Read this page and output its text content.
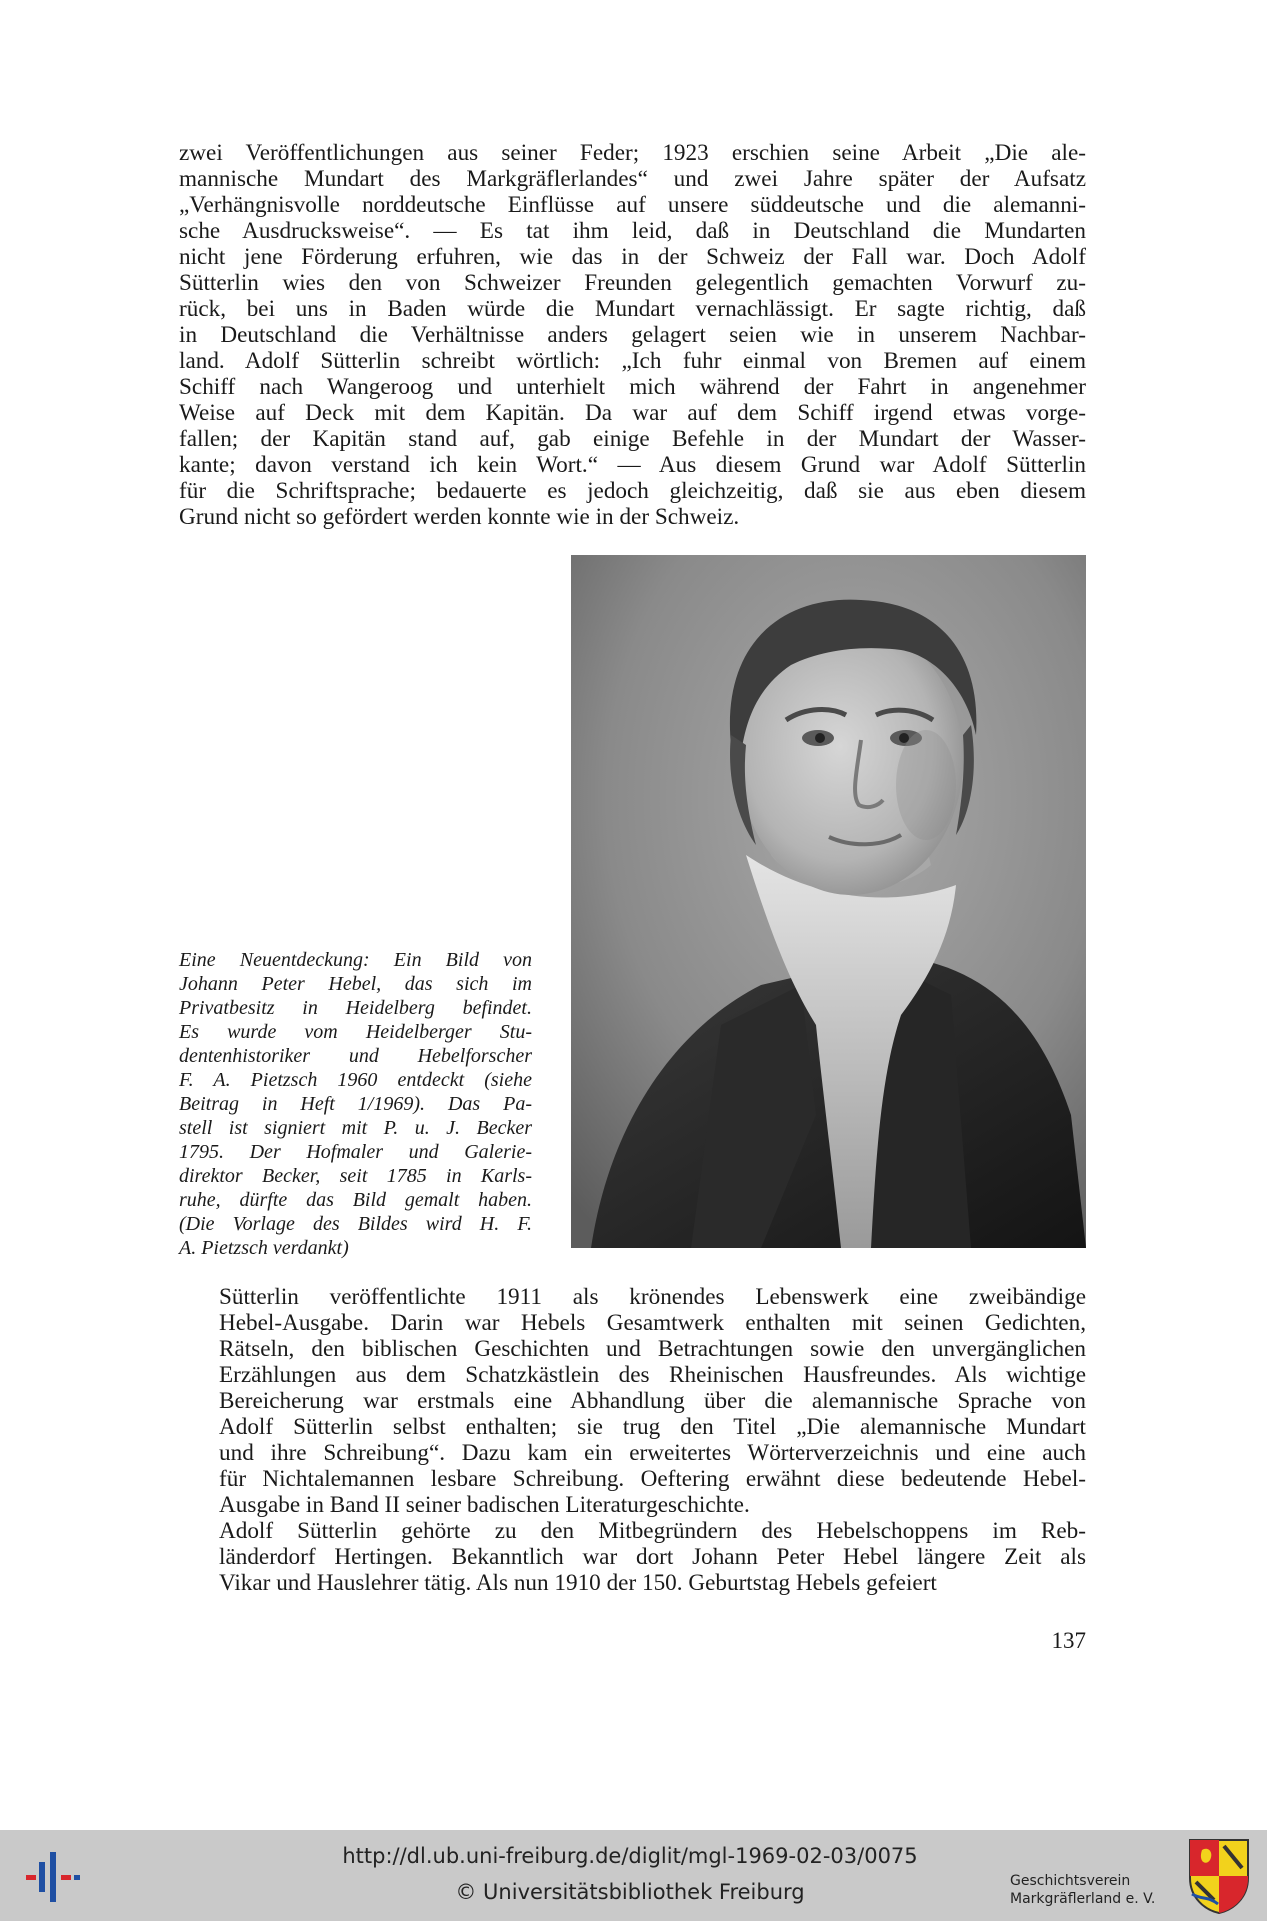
zwei Veröffentlichungen aus seiner Feder; 1923 erschien seine Arbeit „Die ale-
mannische Mundart des Markgräflerlandes“ und zwei Jahre später der Aufsatz
„Verhängnisvolle norddeutsche Einflüsse auf unsere süddeutsche und die alemanni-
sche Ausdrucksweise“. — Es tat ihm leid, daß in Deutschland die Mundarten
nicht jene Förderung erfuhren, wie das in der Schweiz der Fall war. Doch Adolf
Sütterlin wies den von Schweizer Freunden gelegentlich gemachten Vorwurf zu-
rück, bei uns in Baden würde die Mundart vernachlässigt. Er sagte richtig, daß
in Deutschland die Verhältnisse anders gelagert seien wie in unserem Nachbar-
land. Adolf Sütterlin schreibt wörtlich: „Ich fuhr einmal von Bremen auf einem
Schiff nach Wangeroog und unterhielt mich während der Fahrt in angenehmer
Weise auf Deck mit dem Kapitän. Da war auf dem Schiff irgend etwas vorge-
fallen; der Kapitän stand auf, gab einige Befehle in der Mundart der Wasser-
kante; davon verstand ich kein Wort.“ — Aus diesem Grund war Adolf Sütterlin
für die Schriftsprache; bedauerte es jedoch gleichzeitig, daß sie aus eben diesem
Grund nicht so gefördert werden konnte wie in der Schweiz.
Eine Neuentdeckung: Ein Bild von
Johann Peter Hebel, das sich im
Privatbesitz in Heidelberg befindet.
Es wurde vom Heidelberger Stu-
dentenhistoriker und Hebelforscher
F. A. Pietzsch 1960 entdeckt (siehe
Beitrag in Heft 1/1969). Das Pa-
stell ist signiert mit P. u. J. Becker
1795. Der Hofmaler und Galerie-
direktor Becker, seit 1785 in Karls-
ruhe, dürfte das Bild gemalt haben.
(Die Vorlage des Bildes wird H. F.
A. Pietzsch verdankt)
Sütterlin veröffentlichte 1911 als krönendes Lebenswerk eine zweibändige
Hebel-Ausgabe. Darin war Hebels Gesamtwerk enthalten mit seinen Gedichten,
Rätseln, den biblischen Geschichten und Betrachtungen sowie den unvergänglichen
Erzählungen aus dem Schatzkästlein des Rheinischen Hausfreundes. Als wichtige
Bereicherung war erstmals eine Abhandlung über die alemannische Sprache von
Adolf Sütterlin selbst enthalten; sie trug den Titel „Die alemannische Mundart
und ihre Schreibung“. Dazu kam ein erweitertes Wörterverzeichnis und eine auch
für Nichtalemannen lesbare Schreibung. Oeftering erwähnt diese bedeutende Hebel-
Ausgabe in Band II seiner badischen Literaturgeschichte.
Adolf Sütterlin gehörte zu den Mitbegründern des Hebelschoppens im Reb-
länderdorf Hertingen. Bekanntlich war dort Johann Peter Hebel längere Zeit als
Vikar und Hauslehrer tätig. Als nun 1910 der 150. Geburtstag Hebels gefeiert
137
http://dl.ub.uni-freiburg.de/diglit/mgl-1969-02-03/0075
© Universitätsbibliothek Freiburg	Geschichtsverein
Markgräflerland e. V.
